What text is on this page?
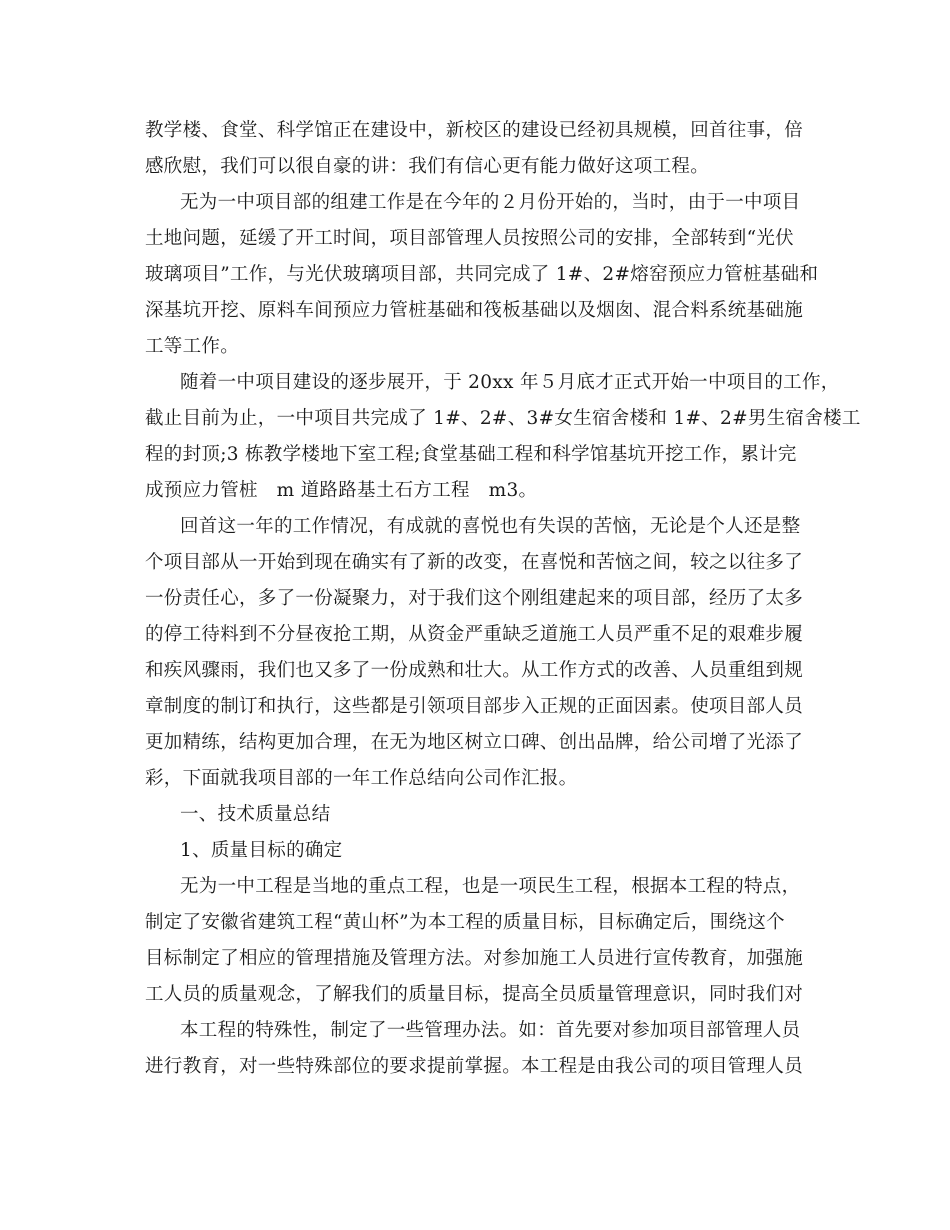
教学楼、食堂、科学馆正在建设中，新校区的建设已经初具规模，回首往事，倍
感欣慰，我们可以很自豪的讲：我们有信心更有能力做好这项工程。
无为一中项目部的组建工作是在今年的２月份开始的，当时，由于一中项目
土地问题，延缓了开工时间，项目部管理人员按照公司的安排，全部转到“光伏
玻璃项目”工作，与光伏玻璃项目部，共同完成了 1#、2#熔窑预应力管桩基础和
深基坑开挖、原料车间预应力管桩基础和筏板基础以及烟囱、混合料系统基础施
工等工作。
随着一中项目建设的逐步展开，于 20xx 年５月底才正式开始一中项目的工作，
截止目前为止，一中项目共完成了 1#、2#、3#女生宿舍楼和 1#、2#男生宿舍楼工
程的封顶;3 栋教学楼地下室工程;食堂基础工程和科学馆基坑开挖工作，累计完
成预应力管桩　m 道路路基土石方工程　m3。
回首这一年的工作情况，有成就的喜悦也有失误的苦恼，无论是个人还是整
个项目部从一开始到现在确实有了新的改变，在喜悦和苦恼之间，较之以往多了
一份责任心，多了一份凝聚力，对于我们这个刚组建起来的项目部，经历了太多
的停工待料到不分昼夜抢工期，从资金严重缺乏道施工人员严重不足的艰难步履
和疾风骤雨，我们也又多了一份成熟和壮大。从工作方式的改善、人员重组到规
章制度的制订和执行，这些都是引领项目部步入正规的正面因素。使项目部人员
更加精练，结构更加合理，在无为地区树立口碑、创出品牌，给公司增了光添了
彩，下面就我项目部的一年工作总结向公司作汇报。
一、技术质量总结
1、质量目标的确定
无为一中工程是当地的重点工程，也是一项民生工程，根据本工程的特点，
制定了安徽省建筑工程“黄山杯”为本工程的质量目标，目标确定后，围绕这个
目标制定了相应的管理措施及管理方法。对参加施工人员进行宣传教育，加强施
工人员的质量观念，了解我们的质量目标，提高全员质量管理意识，同时我们对
本工程的特殊性，制定了一些管理办法。如：首先要对参加项目部管理人员
进行教育，对一些特殊部位的要求提前掌握。本工程是由我公司的项目管理人员
